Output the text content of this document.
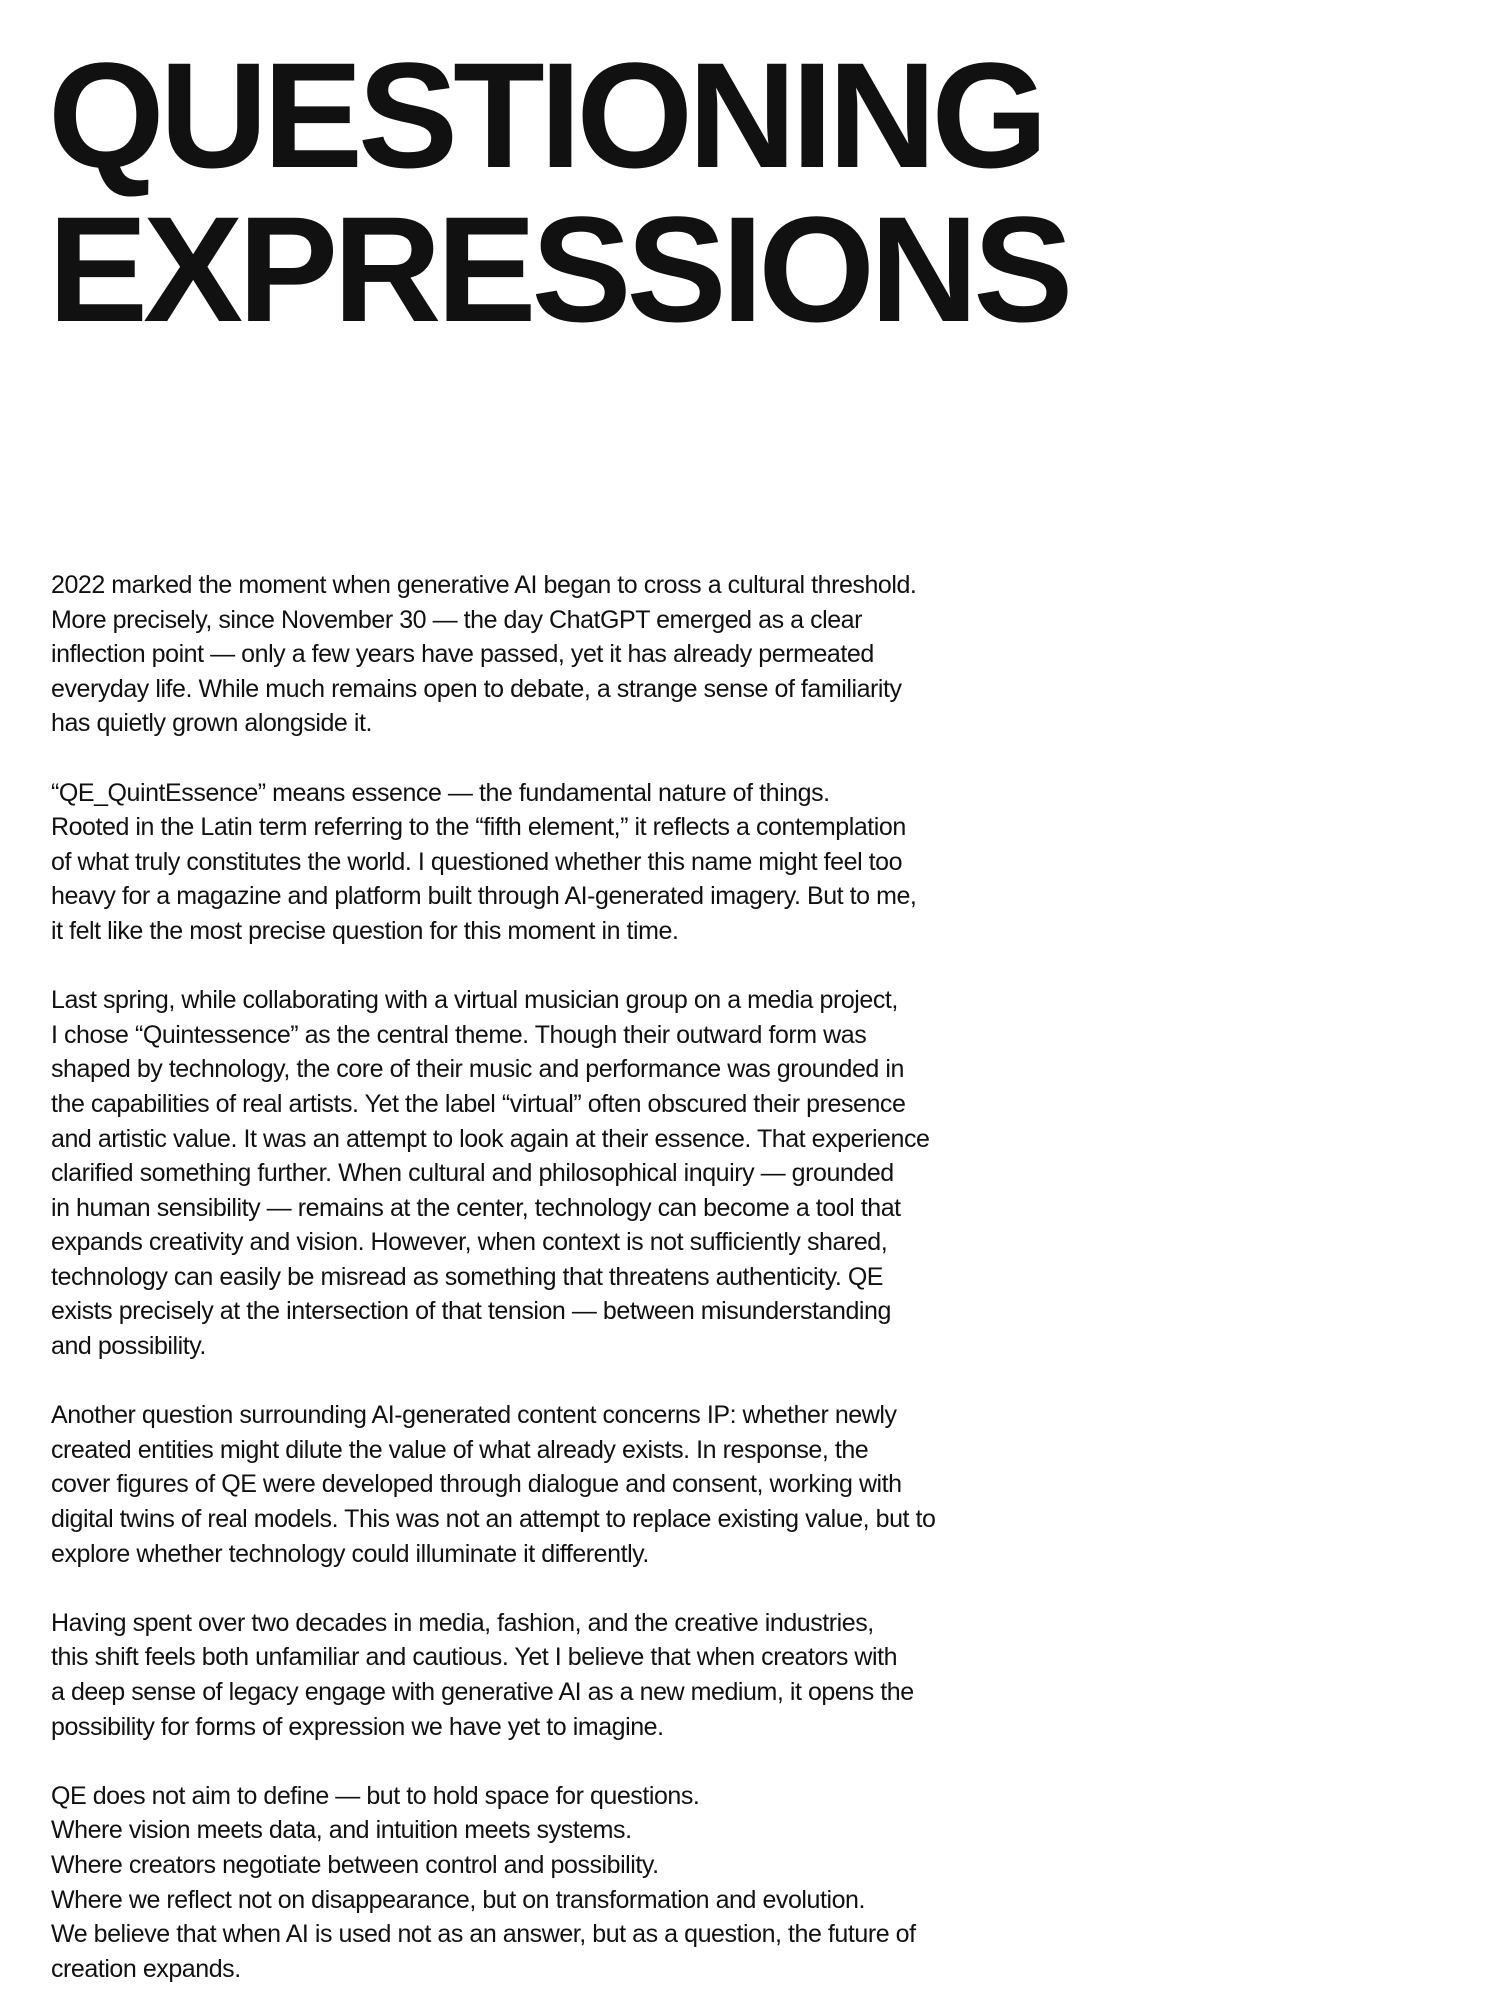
QUESTIONING
EXPRESSIONS

2022 marked the moment when generative AI began to cross a cultural threshold.
More precisely, since November 30 — the day ChatGPT emerged as a clear
inflection point — only a few years have passed, yet it has already permeated
everyday life. While much remains open to debate, a strange sense of familiarity
has quietly grown alongside it.

“QE_QuintEssence” means essence — the fundamental nature of things.
Rooted in the Latin term referring to the “fifth element,” it reflects a contemplation
of what truly constitutes the world. I questioned whether this name might feel too
heavy for a magazine and platform built through AI-generated imagery. But to me,
it felt like the most precise question for this moment in time.

Last spring, while collaborating with a virtual musician group on a media project,
I chose “Quintessence” as the central theme. Though their outward form was
shaped by technology, the core of their music and performance was grounded in
the capabilities of real artists. Yet the label “virtual” often obscured their presence
and artistic value. It was an attempt to look again at their essence. That experience
clarified something further. When cultural and philosophical inquiry — grounded
in human sensibility — remains at the center, technology can become a tool that
expands creativity and vision. However, when context is not sufficiently shared,
technology can easily be misread as something that threatens authenticity. QE
exists precisely at the intersection of that tension — between misunderstanding
and possibility.

Another question surrounding AI-generated content concerns IP: whether newly
created entities might dilute the value of what already exists. In response, the
cover figures of QE were developed through dialogue and consent, working with
digital twins of real models. This was not an attempt to replace existing value, but to
explore whether technology could illuminate it differently.

Having spent over two decades in media, fashion, and the creative industries,
this shift feels both unfamiliar and cautious. Yet I believe that when creators with
a deep sense of legacy engage with generative AI as a new medium, it opens the
possibility for forms of expression we have yet to imagine.

QE does not aim to define — but to hold space for questions.
Where vision meets data, and intuition meets systems.
Where creators negotiate between control and possibility.
Where we reflect not on disappearance, but on transformation and evolution.
We believe that when AI is used not as an answer, but as a question, the future of
creation expands.
